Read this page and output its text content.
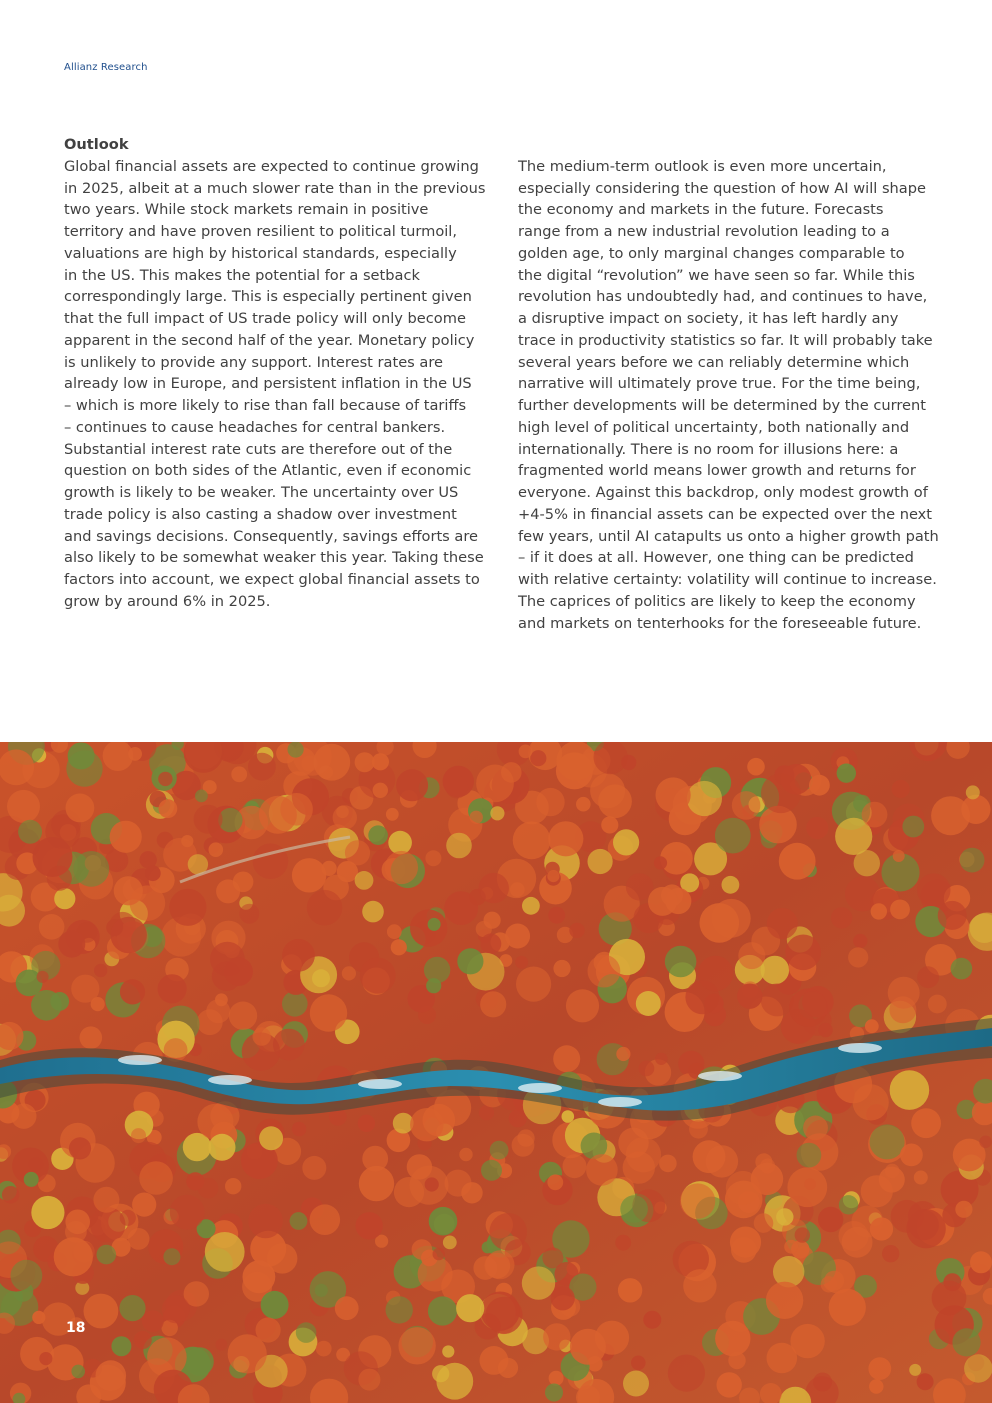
Allianz Research
Outlook
Global financial assets are expected to continue growing
in 2025, albeit at a much slower rate than in the previous
two years. While stock markets remain in positive
territory and have proven resilient to political turmoil,
valuations are high by historical standards, especially
in the US. This makes the potential for a setback
correspondingly large. This is especially pertinent given
that the full impact of US trade policy will only become
apparent in the second half of the year. Monetary policy
is unlikely to provide any support. Interest rates are
already low in Europe, and persistent inflation in the US
– which is more likely to rise than fall because of tariffs
– continues to cause headaches for central bankers.
Substantial interest rate cuts are therefore out of the
question on both sides of the Atlantic, even if economic
growth is likely to be weaker. The uncertainty over US
trade policy is also casting a shadow over investment
and savings decisions. Consequently, savings efforts are
also likely to be somewhat weaker this year. Taking these
factors into account, we expect global financial assets to
grow by around 6% in 2025.
The medium-term outlook is even more uncertain,
especially considering the question of how AI will shape
the economy and markets in the future. Forecasts
range from a new industrial revolution leading to a
golden age, to only marginal changes comparable to
the digital “revolution” we have seen so far. While this
revolution has undoubtedly had, and continues to have,
a disruptive impact on society, it has left hardly any
trace in productivity statistics so far. It will probably take
several years before we can reliably determine which
narrative will ultimately prove true. For the time being,
further developments will be determined by the current
high level of political uncertainty, both nationally and
internationally. There is no room for illusions here: a
fragmented world means lower growth and returns for
everyone. Against this backdrop, only modest growth of
+4-5% in financial assets can be expected over the next
few years, until AI catapults us onto a higher growth path
– if it does at all. However, one thing can be predicted
with relative certainty: volatility will continue to increase.
The caprices of politics are likely to keep the economy
and markets on tenterhooks for the foreseeable future.
18
